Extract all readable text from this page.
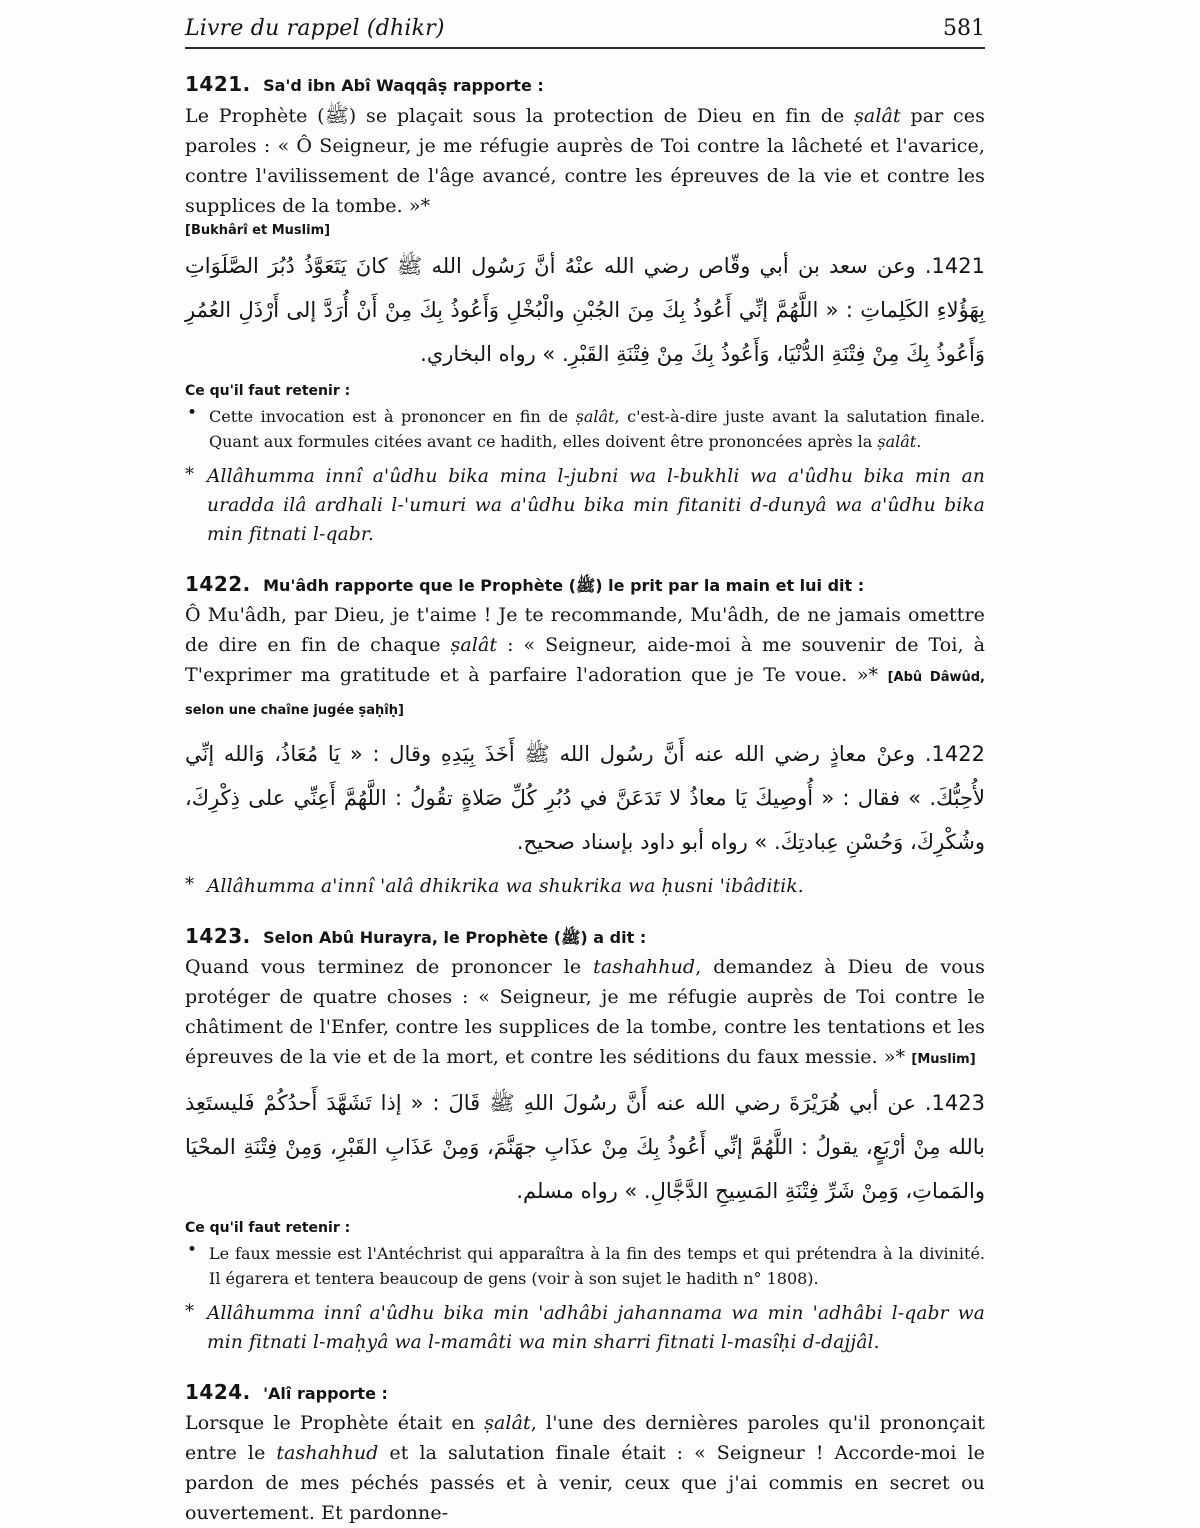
Livre du rappel (dhikr)	581
1421. Sa'd ibn Abî Waqqâṣ rapporte :

Le Prophète (ﷺ) se plaçait sous la protection de Dieu en fin de ṣalât par ces paroles : « Ô Seigneur, je me réfugie auprès de Toi contre la lâcheté et l'avarice, contre l'avilissement de l'âge avancé, contre les épreuves de la vie et contre les supplices de la tombe. »*

[Bukhârî et Muslim]

1421. وعن سعد بن أبي وقّاص رضي الله عنْهُ أنَّ رَسُول الله ﷺ كانَ يَتَعَوَّذُ دُبُرَ الصَّلَوَاتِ بِهَؤُلاءِ الكَلِماتِ : « اللَّهُمَّ إنِّي أَعُوذُ بِكَ مِنَ الجُبْنِ والْبُخْلِ وَأَعُوذُ بِكَ مِنْ أَنْ أُرَدَّ إلى أَرْذَلِ العُمُرِ وَأَعُوذُ بِكَ مِنْ فِتْنَةِ الدُّنْيَا، وَأَعُوذُ بِكَ مِنْ فِتْنَةِ القَبْرِ. » رواه البخاري.

Ce qu'il faut retenir :
• Cette invocation est à prononcer en fin de ṣalât, c'est-à-dire juste avant la salutation finale. Quant aux formules citées avant ce hadith, elles doivent être prononcées après la ṣalât.

* Allâhumma innî a'ûdhu bika mina l-jubni wa l-bukhli wa a'ûdhu bika min an uradda ilâ ardhali l-'umuri wa a'ûdhu bika min fitaniti d-dunyâ wa a'ûdhu bika min fitnati l-qabr.

1422. Mu'âdh rapporte que le Prophète (ﷺ) le prit par la main et lui dit :

Ô Mu'âdh, par Dieu, je t'aime ! Je te recommande, Mu'âdh, de ne jamais omettre de dire en fin de chaque ṣalât : « Seigneur, aide-moi à me souvenir de Toi, à T'exprimer ma gratitude et à parfaire l'adoration que je Te voue. »* [Abû Dâwûd, selon une chaîne jugée ṣaḥîḥ]

1422. وعنْ معاذٍ رضي الله عنه أَنَّ رسُول الله ﷺ أَخَذَ بِيَدِهِ وقال : « يَا مُعَاذُ، وَالله إنِّي لأُحِبُّكَ. » فقال : « أُوصِيكَ يَا معاذُ لا تَدَعَنَّ في دُبُرِ كُلِّ صَلاةٍ تقُولُ : اللَّهُمَّ أَعِنِّي على ذِكْرِكَ، وشُكْرِكَ، وَحُسْنِ عِبادتِكَ. » رواه أبو داود بإسناد صحيح.

* Allâhumma a'innî 'alâ dhikrika wa shukrika wa ḥusni 'ibâditik.

1423. Selon Abû Hurayra, le Prophète (ﷺ) a dit :

Quand vous terminez de prononcer le tashahhud, demandez à Dieu de vous protéger de quatre choses : « Seigneur, je me réfugie auprès de Toi contre le châtiment de l'Enfer, contre les supplices de la tombe, contre les tentations et les épreuves de la vie et de la mort, et contre les séditions du faux messie. »* [Muslim]

1423. عن أبي هُرَيْرَةَ رضي الله عنه أَنَّ رسُولَ اللهِ ﷺ قَالَ : « إذا تَشَهَّدَ أَحدُكُمْ فَليستَعِذ بالله مِنْ أرْبَعٍ، يقولُ : اللَّهُمَّ إنِّي أَعُوذُ بِكَ مِنْ عذَابِ جهَنَّمَ، وَمِنْ عَذَابِ القَبْرِ، وَمِنْ فِتْنَةِ المحْيَا والمَماتِ، وَمِنْ شَرِّ فِتْنَةِ المَسِيحِ الدَّجَّالِ. » رواه مسلم.

Ce qu'il faut retenir :
• Le faux messie est l'Antéchrist qui apparaîtra à la fin des temps et qui prétendra à la divinité. Il égarera et tentera beaucoup de gens (voir à son sujet le hadith n° 1808).

* Allâhumma innî a'ûdhu bika min 'adhâbi jahannama wa min 'adhâbi l-qabr wa min fitnati l-maḥyâ wa l-mamâti wa min sharri fitnati l-masîḥi d-dajjâl.

1424. 'Alî rapporte :

Lorsque le Prophète était en ṣalât, l'une des dernières paroles qu'il prononçait entre le tashahhud et la salutation finale était : « Seigneur ! Accorde-moi le pardon de mes péchés passés et à venir, ceux que j'ai commis en secret ou ouvertement. Et pardonne-
